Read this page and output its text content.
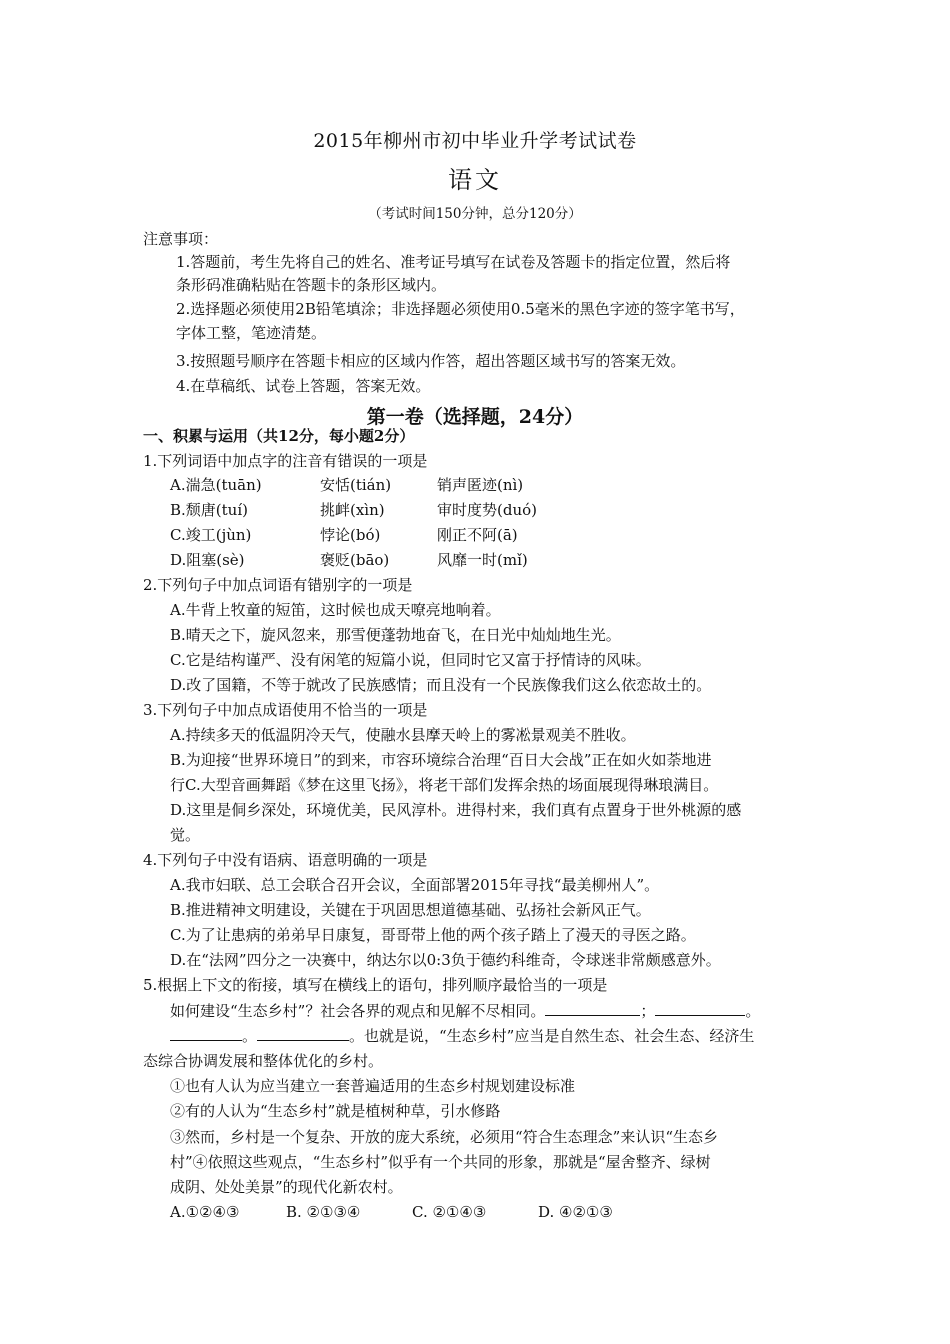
2015年柳州市初中毕业升学考试试卷
语文
（考试时间150分钟，总分120分）
注意事项：
1.答题前，考生先将自己的姓名、准考证号填写在试卷及答题卡的指定位置，然后将
条形码准确粘贴在答题卡的条形区域内。
2.选择题必须使用2B铅笔填涂；非选择题必须使用0.5毫米的黑色字迹的签字笔书写，
字体工整，笔迹清楚。
3.按照题号顺序在答题卡相应的区域内作答，超出答题区域书写的答案无效。
4.在草稿纸、试卷上答题，答案无效。
第一卷（选择题，24分）
一、积累与运用（共12分，每小题2分）
1.下列词语中加点字的注音有错误的一项是
A.湍急(tuān)	安恬(tián)	销声匿迹(nì)
B.颓唐(tuí)	挑衅(xìn)	审时度势(duó)
C.竣工(jùn)	悖论(bó)	刚正不阿(ā)
D.阻塞(sè)	褒贬(bāo)	风靡一时(mǐ)
2.下列句子中加点词语有错别字的一项是
A.牛背上牧童的短笛，这时候也成天嘹亮地响着。
B.晴天之下，旋风忽来，那雪便蓬勃地奋飞，在日光中灿灿地生光。
C.它是结构谨严、没有闲笔的短篇小说，但同时它又富于抒情诗的风味。
D.改了国籍，不等于就改了民族感情；而且没有一个民族像我们这么依恋故土的。
3.下列句子中加点成语使用不恰当的一项是
A.持续多天的低温阴冷天气，使融水县摩天岭上的雾凇景观美不胜收。
B.为迎接“世界环境日”的到来，市容环境综合治理“百日大会战”正在如火如荼地进
行C.大型音画舞蹈《梦在这里飞扬》，将老干部们发挥余热的场面展现得琳琅满目。
D.这里是侗乡深处，环境优美，民风淳朴。进得村来，我们真有点置身于世外桃源的感
觉。
4.下列句子中没有语病、语意明确的一项是
A.我市妇联、总工会联合召开会议，全面部署2015年寻找“最美柳州人”。
B.推进精神文明建设，关键在于巩固思想道德基础、弘扬社会新风正气。
C.为了让患病的弟弟早日康复，哥哥带上他的两个孩子踏上了漫天的寻医之路。
D.在“法网”四分之一决赛中，纳达尔以0:3负于德约科维奇，令球迷非常颇感意外。
5.根据上下文的衔接，填写在横线上的语句，排列顺序最恰当的一项是
如何建设“生态乡村”？社会各界的观点和见解不尽相同。	；	。
。	。也就是说，“生态乡村”应当是自然生态、社会生态、经济生
态综合协调发展和整体优化的乡村。
①也有人认为应当建立一套普遍适用的生态乡村规划建设标准
②有的人认为“生态乡村”就是植树种草，引水修路
③然而，乡村是一个复杂、开放的庞大系统，必须用“符合生态理念”来认识“生态乡
村”④依照这些观点，“生态乡村”似乎有一个共同的形象，那就是“屋舍整齐、绿树
成阴、处处美景”的现代化新农村。
A.①②④③	B. ②①③④	C. ②①④③	D. ④②①③
